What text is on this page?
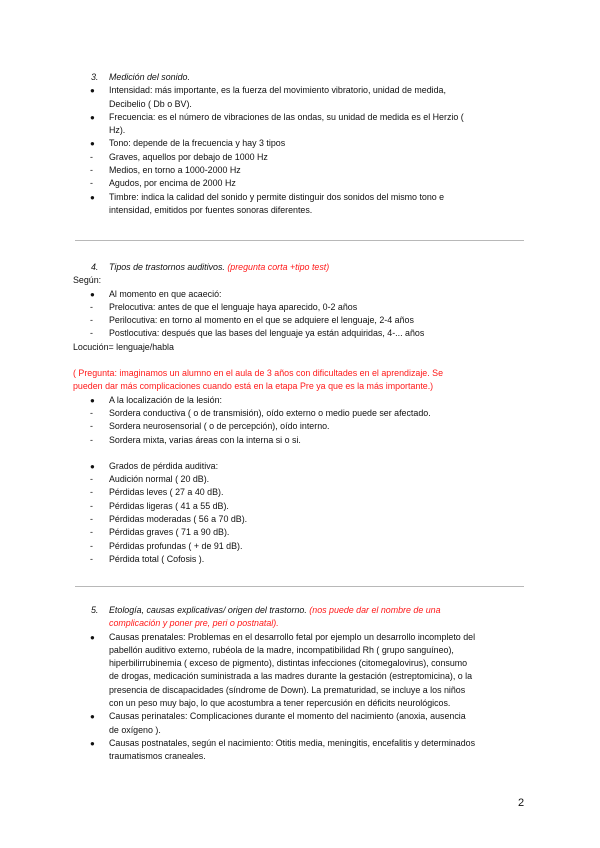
3. Medición del sonido.
● Intensidad: más importante, es la fuerza del movimiento vibratorio, unidad de medida,
Decibelio ( Db o BV).
● Frecuencia: es el número de vibraciones de las ondas, su unidad de medida es el Herzio (
Hz).
● Tono: depende de la frecuencia y hay 3 tipos
- Graves, aquellos por debajo de 1000 Hz
- Medios, en torno a 1000-2000 Hz
- Agudos, por encima de 2000 Hz
● Timbre: indica la calidad del sonido y permite distinguir dos sonidos del mismo tono e
intensidad, emitidos por fuentes sonoras diferentes.
4. Tipos de trastornos auditivos. (pregunta corta +tipo test)
Según:
● Al momento en que acaeció:
- Prelocutiva: antes de que el lenguaje haya aparecido, 0-2 años
- Perilocutiva: en torno al momento en el que se adquiere el lenguaje, 2-4 años
- Postlocutiva: después que las bases del lenguaje ya están adquiridas, 4-... años
Locución= lenguaje/habla
( Pregunta: imaginamos un alumno en el aula de 3 años con dificultades en el aprendizaje. Se
pueden dar más complicaciones cuando está en la etapa Pre ya que es la más importante.)
● A la localización de la lesión:
- Sordera conductiva ( o de transmisión), oído externo o medio puede ser afectado.
- Sordera neurosensorial ( o de percepción), oído interno.
- Sordera mixta, varias áreas con la interna si o si.
● Grados de pérdida auditiva:
- Audición normal ( 20 dB).
- Pérdidas leves ( 27 a 40 dB).
- Pérdidas ligeras ( 41 a 55 dB).
- Pérdidas moderadas ( 56 a 70 dB).
- Pérdidas graves ( 71 a 90 dB).
- Pérdidas profundas ( + de 91 dB).
- Pérdida total ( Cofosis ).
5. Etología, causas explicativas/ origen del trastorno. (nos puede dar el nombre de una
complicación y poner pre, peri o postnatal).
● Causas prenatales: Problemas en el desarrollo fetal por ejemplo un desarrollo incompleto del
pabellón auditivo externo, rubéola de la madre, incompatibilidad Rh ( grupo sanguíneo),
hiperbilirrubinemia ( exceso de pigmento), distintas infecciones (citomegalovirus), consumo
de drogas, medicación suministrada a las madres durante la gestación (estreptomicina), o la
presencia de discapacidades (síndrome de Down). La prematuridad, se incluye a los niños
con un peso muy bajo, lo que acostumbra a tener repercusión en déficits neurológicos.
● Causas perinatales: Complicaciones durante el momento del nacimiento (anoxia, ausencia
de oxígeno ).
● Causas postnatales, según el nacimiento: Otitis media, meningitis, encefalitis y determinados
traumatismos craneales.
2
